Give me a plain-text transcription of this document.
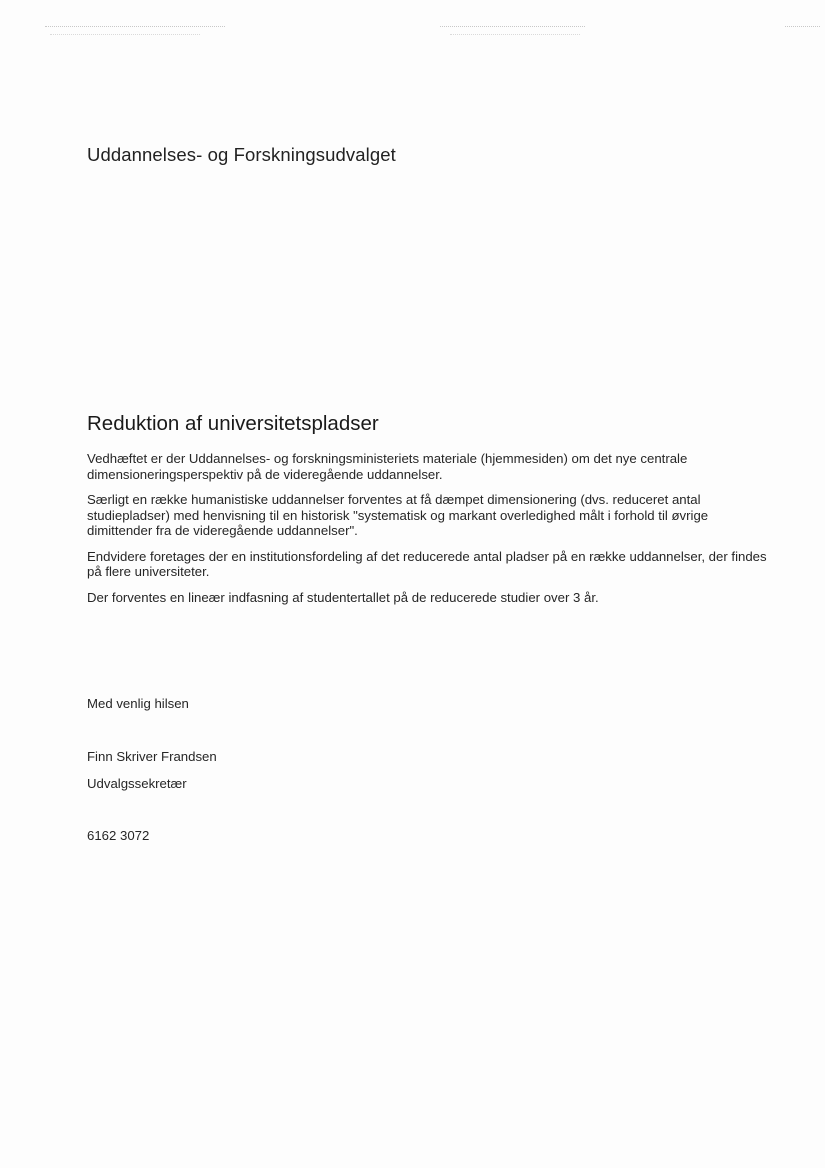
Uddannelses- og Forskningsudvalget
Reduktion af universitetspladser

Vedhæftet er der Uddannelses- og forskningsministeriets materiale (hjemmesiden) om det nye centrale dimensioneringsperspektiv på de videregående uddannelser.

Særligt en række humanistiske uddannelser forventes at få dæmpet dimensionering (dvs. reduceret antal studiepladser) med henvisning til en historisk "systematisk og markant overledighed målt i forhold til øvrige dimittender fra de videregående uddannelser".

Endvidere foretages der en institutionsfordeling af det reducerede antal pladser på en række uddannelser, der findes på flere universiteter.

Der forventes en lineær indfasning af studentertallet på de reducerede studier over 3 år.

Med venlig hilsen
Finn Skriver Frandsen
Udvalgssekretær
6162 3072
